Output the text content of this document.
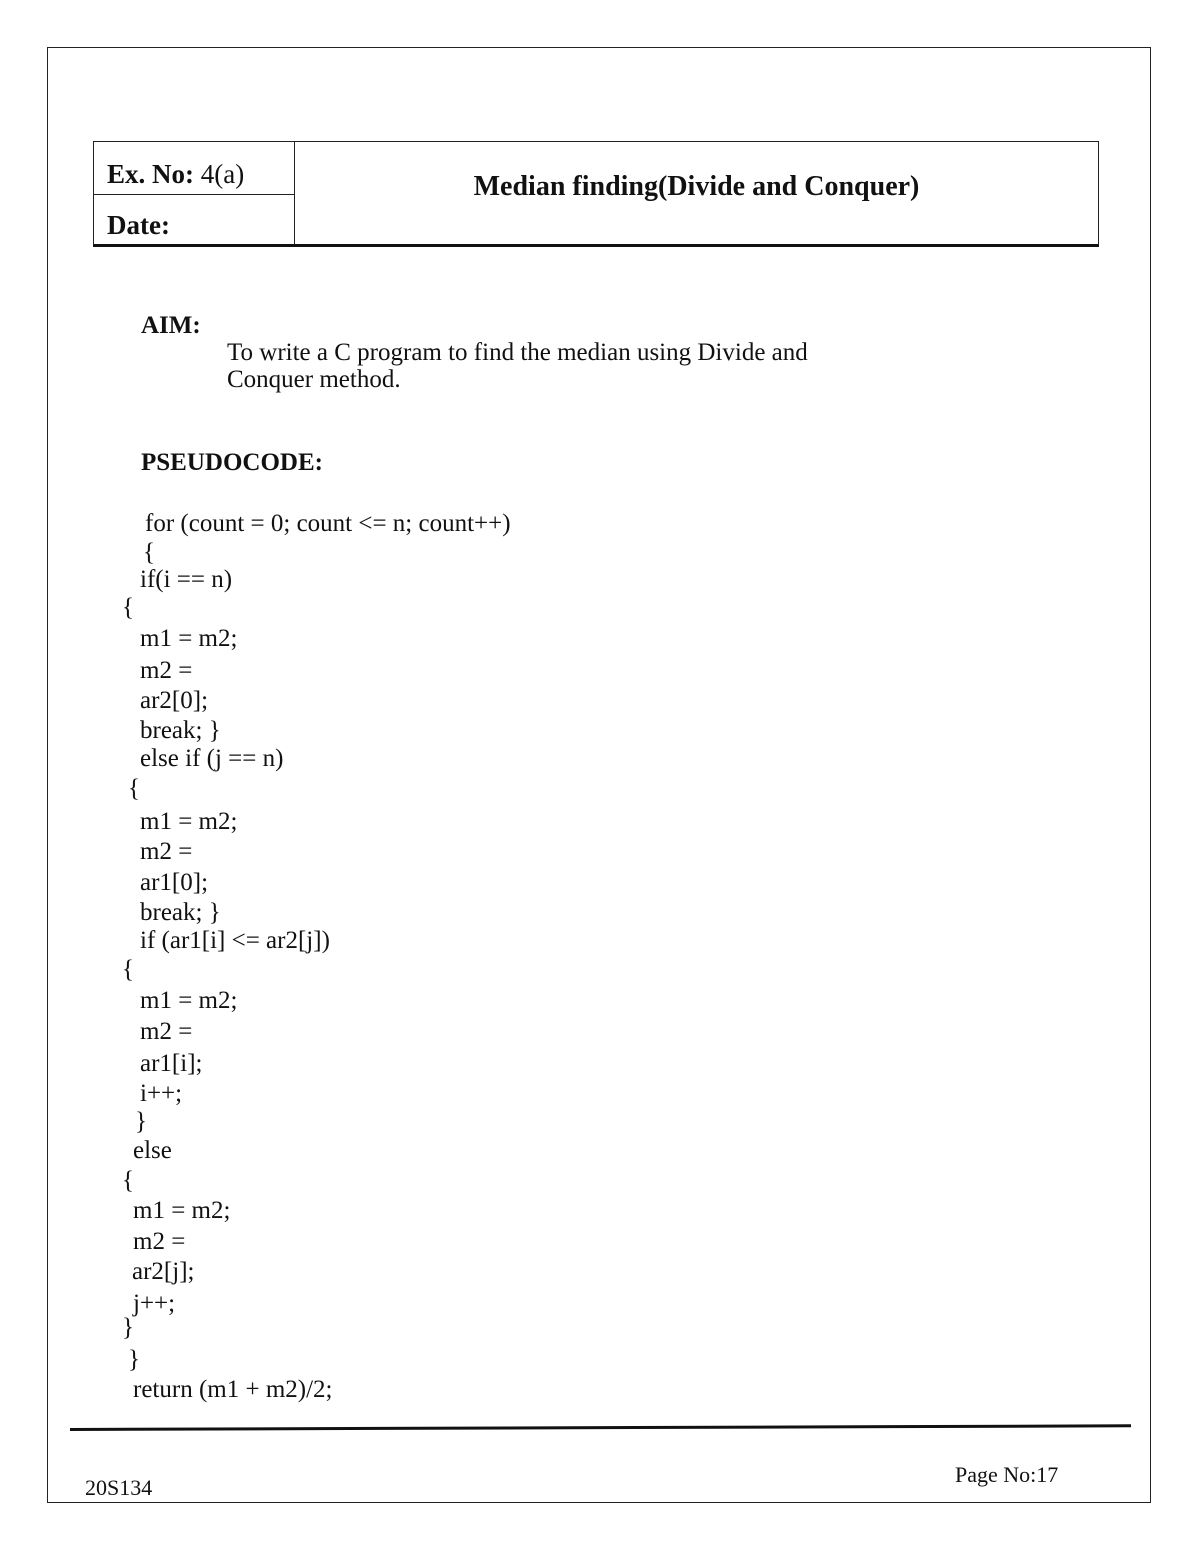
Ex. No: 4(a)
Date:
Median finding(Divide and Conquer)
AIM:
To write a C program to find the median using Divide and
Conquer method.
PSEUDOCODE:
for (count = 0; count <= n; count++)
{
if(i == n)
{
m1 = m2;
m2 =
ar2[0];
break; }
else if (j == n)
{
m1 = m2;
m2 =
ar1[0];
break; }
if (ar1[i] <= ar2[j])
{
m1 = m2;
m2 =
ar1[i];
i++;
}
else
{
m1 = m2;
m2 =
ar2[j];
j++;
}
}
return (m1 + m2)/2;
20S134
Page No:17
